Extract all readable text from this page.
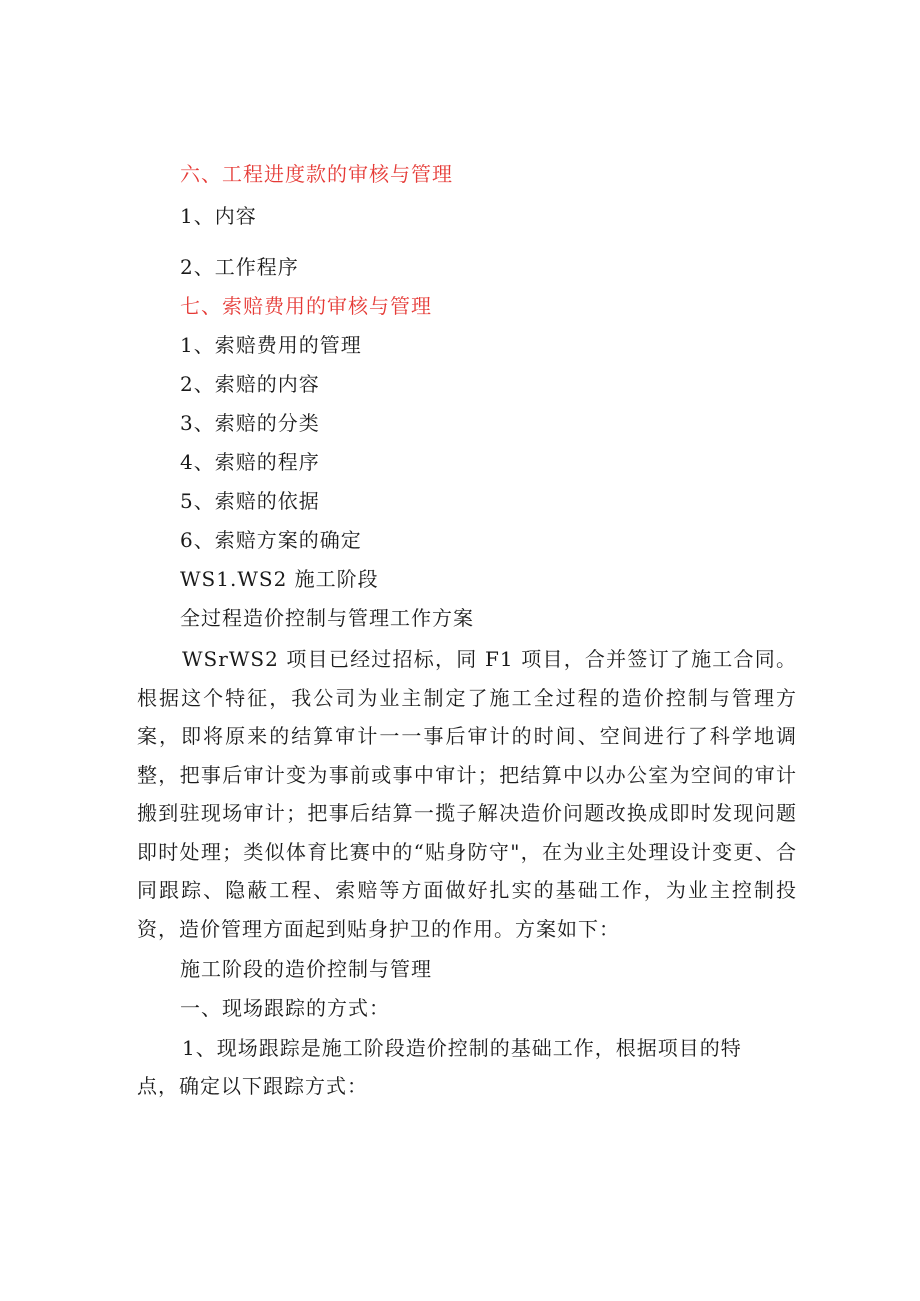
六、工程进度款的审核与管理
1、内容
2、工作程序
七、索赔费用的审核与管理
1、索赔费用的管理
2、索赔的内容
3、索赔的分类
4、索赔的程序
5、索赔的依据
6、索赔方案的确定
WS1.WS2 施工阶段
全过程造价控制与管理工作方案

WSrWS2 项目已经过招标，同 F1 项目，合并签订了施工合同。根据这个特征，我公司为业主制定了施工全过程的造价控制与管理方案，即将原来的结算审计一一事后审计的时间、空间进行了科学地调整，把事后审计变为事前或事中审计；把结算中以办公室为空间的审计搬到驻现场审计；把事后结算一揽子解决造价问题改换成即时发现问题即时处理；类似体育比赛中的“贴身防守"，在为业主处理设计变更、合同跟踪、隐蔽工程、索赔等方面做好扎实的基础工作，为业主控制投资，造价管理方面起到贴身护卫的作用。方案如下：

施工阶段的造价控制与管理
一、现场跟踪的方式：

1、现场跟踪是施工阶段造价控制的基础工作，根据项目的特点，确定以下跟踪方式：
